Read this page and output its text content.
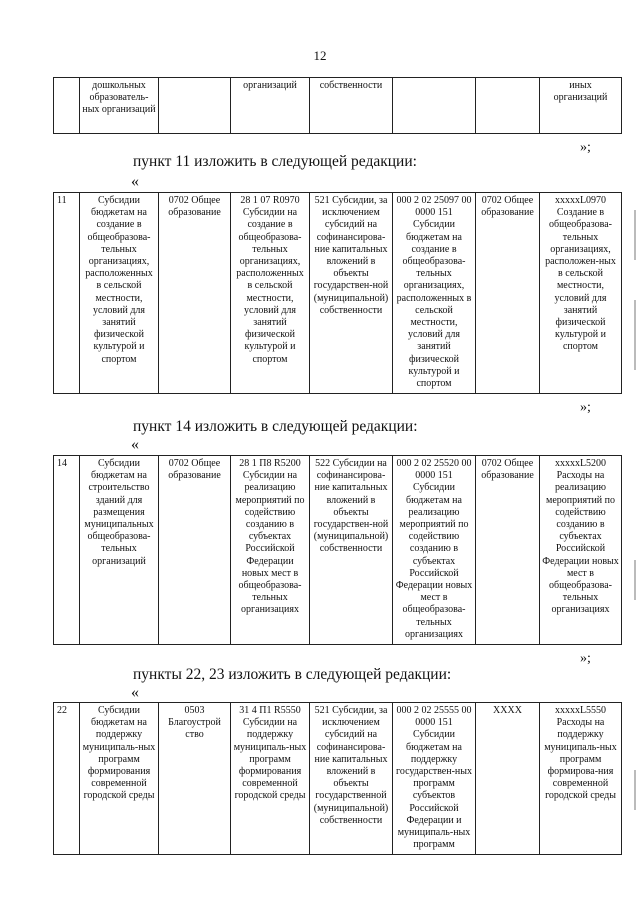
12
	дошкольных образователь-ных организаций		организаций	собственности			иных организаций
»;
пункт 11 изложить в следующей редакции:
«
11	Субсидии бюджетам на создание в общеобразова-тельных организациях, расположенных в сельской местности, условий для занятий физической культурой и спортом	0702 Общее образование	28 1 07 R0970 Субсидии на создание в общеобразова-тельных организациях, расположенных в сельской местности, условий для занятий физической культурой и спортом	521 Субсидии, за исключением субсидий на софинансирова-ние капитальных вложений в объекты государствен-ной (муниципальной) собственности	000 2 02 25097 00 0000 151 Субсидии бюджетам на создание в общеобразова-тельных организациях, расположенных в сельской местности, условий для занятий физической культурой и спортом	0702 Общее образование	xxxxxL0970 Создание в общеобразова-тельных организациях, расположен-ных в сельской местности, условий для занятий физической культурой и спортом
»;
пункт 14 изложить в следующей редакции:
«
14	Субсидии бюджетам на строительство зданий для размещения муниципальных общеобразова-тельных организаций	0702 Общее образование	28 1 П8 R5200 Субсидии на реализацию мероприятий по содействию созданию в субъектах Российской Федерации новых мест в общеобразова-тельных организациях	522 Субсидии на софинансирова-ние капитальных вложений в объекты государствен-ной (муниципальной) собственности	000 2 02 25520 00 0000 151 Субсидии бюджетам на реализацию мероприятий по содействию созданию в субъектах Российской Федерации новых мест в общеобразова-тельных организациях	0702 Общее образование	xxxxxL5200 Расходы на реализацию мероприятий по содействию созданию в субъектах Российской Федерации новых мест в общеобразова-тельных организациях
»;
пункты 22, 23 изложить в следующей редакции:
«
22	Субсидии бюджетам на поддержку муниципаль-ных программ формирования современной городской среды	0503 Благоустрой ство	31 4 П1 R5550 Субсидии на поддержку муниципаль-ных программ формирования современной городской среды	521 Субсидии, за исключением субсидий на софинансирова-ние капитальных вложений в объекты государственной (муниципальной) собственности	000 2 02 25555 00 0000 151 Субсидии бюджетам на поддержку государствен-ных программ субъектов Российской Федерации и муниципаль-ных программ	XXXX	xxxxxL5550 Расходы на поддержку муниципаль-ных программ формирова-ния современной городской среды
